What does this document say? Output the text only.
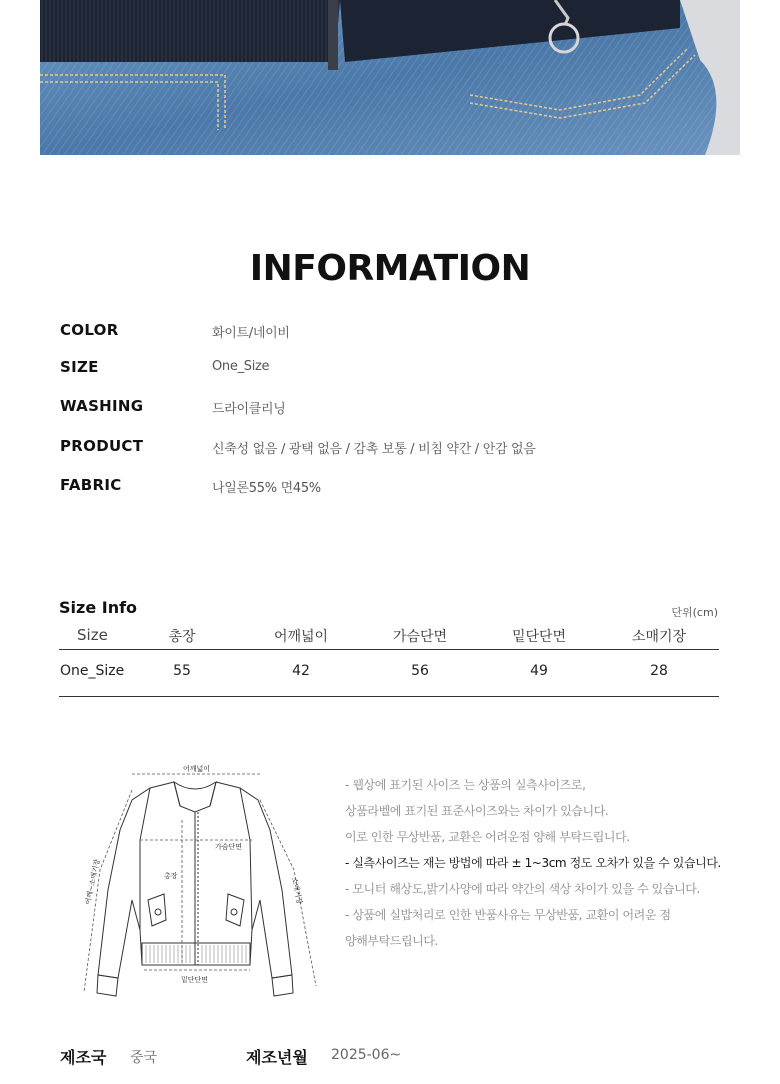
INFORMATION
COLOR	화이트/네이비
SIZE	One_Size
WASHING	드라이클리닝
PRODUCT	신축성 없음 / 광택 없음 / 감촉 보통 / 비침 약간 / 안감 없음
FABRIC	나일론55% 면45%
Size Info	단위(cm)
Size	총장	어깨넓이	가슴단면	밑단단면	소매기장
One_Size	55	42	56	49	28
어깨넓이
가슴단면
총장
밑단단면
어깨~소매기장	소매기장
- 웹상에 표기된 사이즈 는 상품의 실측사이즈로,
상품라벨에 표기된 표준사이즈와는 차이가 있습니다.
이로 인한 무상반품, 교환은 어려운점 양해 부탁드립니다.
- 실측사이즈는 재는 방법에 따라 ± 1~3cm 정도 오차가 있을 수 있습니다.
- 모니터 해상도,밝기사양에 따라 약간의 색상 차이가 있을 수 있습니다.
- 상품에 실밥처리로 인한 반품사유는 무상반품, 교환이 어려운 점
양해부탁드립니다.
제조국 중국	제조년월 2025-06~
